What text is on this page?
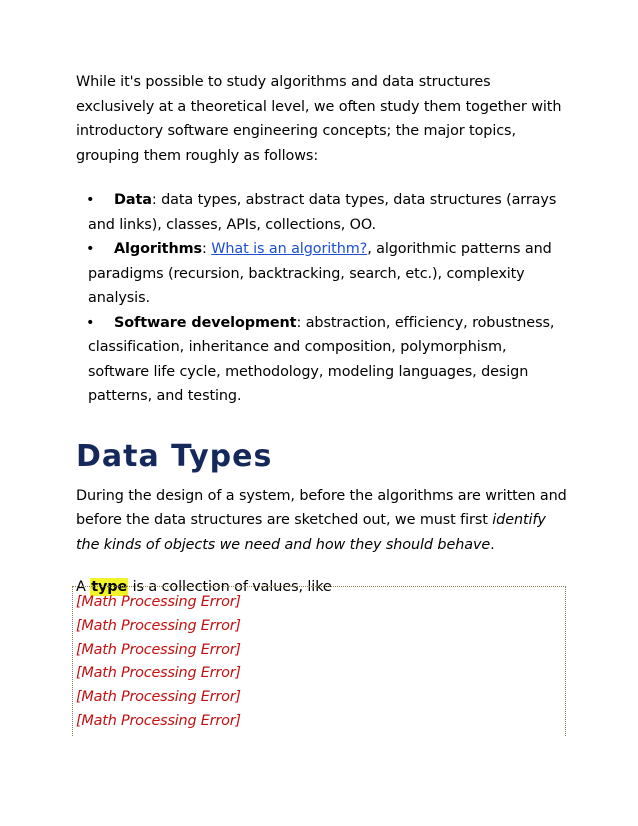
While it's possible to study algorithms and data structures exclusively at a theoretical level, we often study them together with introductory software engineering concepts; the major topics, grouping them roughly as follows:

•	Data: data types, abstract data types, data structures (arrays and links), classes, APIs, collections, OO.
•	Algorithms: What is an algorithm?, algorithmic patterns and paradigms (recursion, backtracking, search, etc.), complexity analysis.
•	Software development: abstraction, efficiency, robustness, classification, inheritance and composition, polymorphism, software life cycle, methodology, modeling languages, design patterns, and testing.
Data Types

During the design of a system, before the algorithms are written and before the data structures are sketched out, we must first identify the kinds of objects we need and how they should behave.

A type is a collection of values, like

[Math Processing Error]
[Math Processing Error]
[Math Processing Error]
[Math Processing Error]
[Math Processing Error]
[Math Processing Error]
